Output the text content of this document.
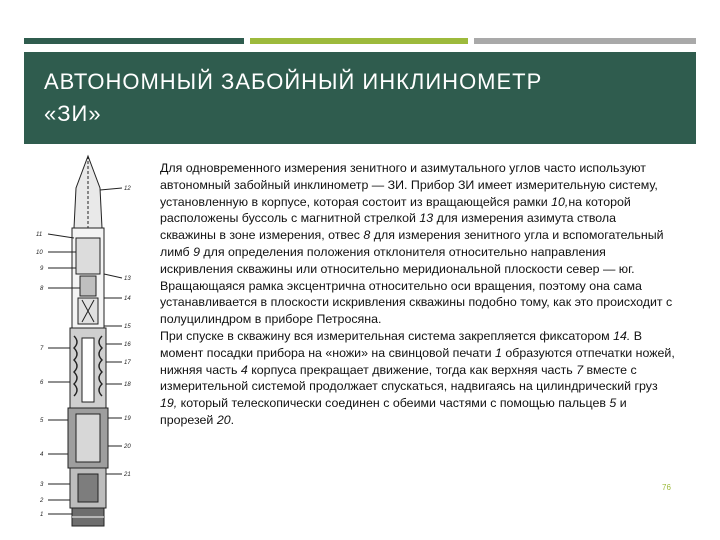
АВТОНОМНЫЙ ЗАБОЙНЫЙ ИНКЛИНОМЕТР
«ЗИ»
12
13
14
15
16
17
18
19
20
21
11
10
9
8
7
6
5
4
3
2
1

Для одновременного измерения зенитного и азимутального углов часто используют автономный забойный инклинометр — ЗИ. Прибор ЗИ имеет измерительную систему, установленную в корпусе, которая состоит из вращающейся рамки 10,на которой расположены буссоль с магнитной стрелкой 13 для измерения азимута ствола скважины в зоне измерения, отвес 8 для измерения зенитного угла и вспомогательный лимб 9 для определения положения отклонителя относительно направления искривления скважины или относительно меридиональной плоскости север — юг. Вращающаяся рамка эксцентрична относительно оси вращения, поэтому она сама устанавливается в плоскости искривления скважины подобно тому, как это происходит с полуцилиндром в приборе Петросяна.

При спуске в скважину вся измерительная система закрепляется фиксатором 14. В момент посадки прибора на «ножи» на свинцовой печати 1 образуются отпечатки ножей, нижняя часть 4 корпуса прекращает движение, тогда как верхняя часть 7 вместе с измерительной системой продолжает спускаться, надвигаясь на цилиндрический груз 19, который телескопически соединен с обеими частями с помощью пальцев 5 и прорезей 20.

76
